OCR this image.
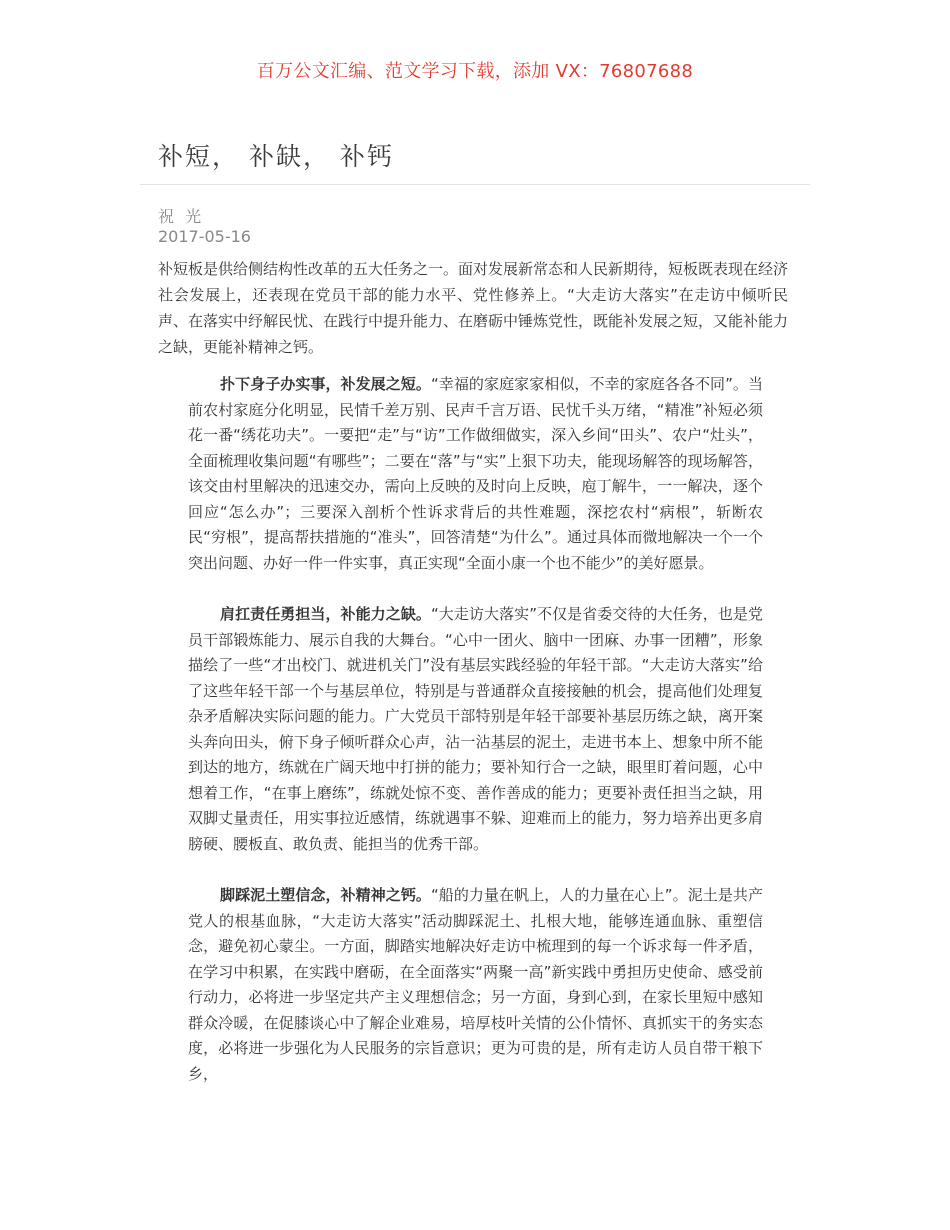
百万公文汇编、范文学习下载，添加 VX：76807688
补短， 补缺， 补钙
祝 光
2017-05-16

补短板是供给侧结构性改革的五大任务之一。面对发展新常态和人民新期待，短板既表现在经济社会发展上，还表现在党员干部的能力水平、党性修养上。“大走访大落实”在走访中倾听民声、在落实中纾解民忧、在践行中提升能力、在磨砺中锤炼党性，既能补发展之短，又能补能力之缺，更能补精神之钙。

扑下身子办实事，补发展之短。“幸福的家庭家家相似，不幸的家庭各各不同”。当前农村家庭分化明显，民情千差万别、民声千言万语、民忧千头万绪，“精准”补短必须花一番“绣花功夫”。一要把“走”与“访”工作做细做实，深入乡间“田头”、农户“灶头”，全面梳理收集问题“有哪些”；二要在“落”与“实”上狠下功夫，能现场解答的现场解答，该交由村里解决的迅速交办，需向上反映的及时向上反映，庖丁解牛，一一解决，逐个回应“怎么办”；三要深入剖析个性诉求背后的共性难题，深挖农村“病根”，斩断农民“穷根”，提高帮扶措施的“准头”，回答清楚“为什么”。通过具体而微地解决一个一个突出问题、办好一件一件实事，真正实现“全面小康一个也不能少”的美好愿景。

肩扛责任勇担当，补能力之缺。“大走访大落实”不仅是省委交待的大任务，也是党员干部锻炼能力、展示自我的大舞台。“心中一团火、脑中一团麻、办事一团糟”，形象描绘了一些“才出校门、就进机关门”没有基层实践经验的年轻干部。“大走访大落实”给了这些年轻干部一个与基层单位，特别是与普通群众直接接触的机会，提高他们处理复杂矛盾解决实际问题的能力。广大党员干部特别是年轻干部要补基层历练之缺，离开案头奔向田头，俯下身子倾听群众心声，沾一沾基层的泥土，走进书本上、想象中所不能到达的地方，练就在广阔天地中打拼的能力；要补知行合一之缺，眼里盯着问题，心中想着工作，“在事上磨练”，练就处惊不变、善作善成的能力；更要补责任担当之缺，用双脚丈量责任，用实事拉近感情，练就遇事不躲、迎难而上的能力，努力培养出更多肩膀硬、腰板直、敢负责、能担当的优秀干部。

脚踩泥土塑信念，补精神之钙。“船的力量在帆上，人的力量在心上”。泥土是共产党人的根基血脉，“大走访大落实”活动脚踩泥土、扎根大地，能够连通血脉、重塑信念，避免初心蒙尘。一方面，脚踏实地解决好走访中梳理到的每一个诉求每一件矛盾，在学习中积累，在实践中磨砺，在全面落实“两聚一高”新实践中勇担历史使命、感受前行动力，必将进一步坚定共产主义理想信念；另一方面，身到心到，在家长里短中感知群众冷暖，在促膝谈心中了解企业难易，培厚枝叶关情的公仆情怀、真抓实干的务实态度，必将进一步强化为人民服务的宗旨意识；更为可贵的是，所有走访人员自带干粮下乡，
